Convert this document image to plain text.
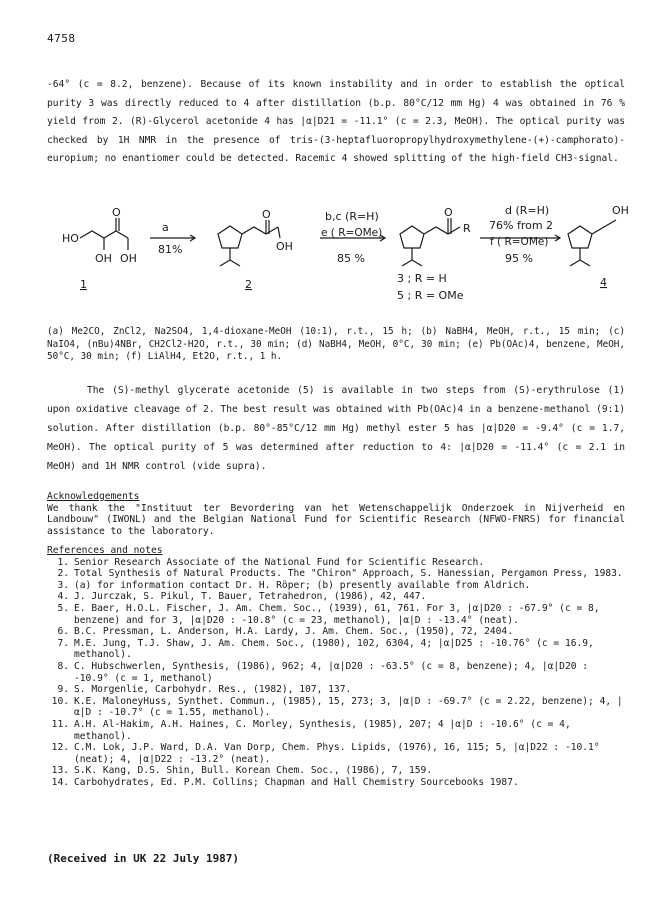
4758

-64° (c = 8.2, benzene). Because of its known instability and in order to establish the optical purity 3 was directly reduced to 4 after distillation (b.p. 80°C/12 mm Hg) 4 was obtained in 76 % yield from 2. (R)-Glycerol acetonide 4 has |α|D21 = -11.1° (c = 2.3, MeOH). The optical purity was checked by 1H NMR in the presence of tris-(3-heptafluoropropylhydroxymethylene-(+)-camphorato)-europium; no enantiomer could be detected. Racemic 4 showed splitting of the high-field CH3-signal.

HO
OH OH
O
OH
O
R
O	OH
a
81%
b,c (R=H)
e ( R=OMe)
85 %
d (R=H)
76% from 2
f ( R=OMe)
95 %
1	2	3 ; R = H
5 ; R = OMe
4

(a) Me2CO, ZnCl2, Na2SO4, 1,4-dioxane-MeOH (10:1), r.t., 15 h; (b) NaBH4, MeOH, r.t., 15 min; (c) NaIO4, (nBu)4NBr, CH2Cl2-H2O, r.t., 30 min; (d) NaBH4, MeOH, 0°C, 30 min; (e) Pb(OAc)4, benzene, MeOH, 50°C, 30 min; (f) LiAlH4, Et2O, r.t., 1 h.

The (S)-methyl glycerate acetonide (5) is available in two steps from (S)-erythrulose (1) upon oxidative cleavage of 2. The best result was obtained with Pb(OAc)4 in a benzene-methanol (9:1) solution. After distillation (b.p. 80°-85°C/12 mm Hg) methyl ester 5 has |α|D20 = -9.4° (c = 1.7, MeOH). The optical purity of 5 was determined after reduction to 4: |α|D20 = -11.4° (c = 2.1 in MeOH) and 1H NMR control (vide supra).

Acknowledgements
We thank the "Instituut ter Bevordering van het Wetenschappelijk Onderzoek in Nijverheid en Landbouw" (IWONL) and the Belgian National Fund for Scientific Research (NFWO-FNRS) for financial assistance to the laboratory.
References and notes
1. Senior Research Associate of the National Fund for Scientific Research.
2. Total Synthesis of Natural Products. The "Chiron" Approach, S. Hanessian, Pergamon Press, 1983.
3. (a) for information contact Dr. H. Röper; (b) presently available from Aldrich.
4. J. Jurczak, S. Pikul, T. Bauer, Tetrahedron, (1986), 42, 447.
5. E. Baer, H.O.L. Fischer, J. Am. Chem. Soc., (1939), 61, 761. For 3, |α|D20 : -67.9° (c = 8, benzene) and for 3, |α|D20 : -10.8° (c = 23, methanol), |α|D : -13.4° (neat).
6. B.C. Pressman, L. Anderson, H.A. Lardy, J. Am. Chem. Soc., (1950), 72, 2404.
7. M.E. Jung, T.J. Shaw, J. Am. Chem. Soc., (1980), 102, 6304, 4; |α|D25 : -10.76° (c = 16.9, methanol).
8. C. Hubschwerlen, Synthesis, (1986), 962; 4, |α|D20 : -63.5° (c = 8, benzene); 4, |α|D20 : -10.9° (c = 1, methanol)
9. S. Morgenlie, Carbohydr. Res., (1982), 107, 137.
10. K.E. MaloneyHuss, Synthet. Commun., (1985), 15, 273; 3, |α|D : -69.7° (c = 2.22, benzene); 4, |α|D : -10.7° (c = 1.55, methanol).
11. A.H. Al-Hakim, A.H. Haines, C. Morley, Synthesis, (1985), 207; 4 |α|D : -10.6° (c = 4, methanol).
12. C.M. Lok, J.P. Ward, D.A. Van Dorp, Chem. Phys. Lipids, (1976), 16, 115; 5, |α|D22 : -10.1° (neat); 4, |α|D22 : -13.2° (neat).
13. S.K. Kang, D.S. Shin, Bull. Korean Chem. Soc., (1986), 7, 159.
14. Carbohydrates, Ed. P.M. Collins; Chapman and Hall Chemistry Sourcebooks 1987.
(Received in UK 22 July 1987)
